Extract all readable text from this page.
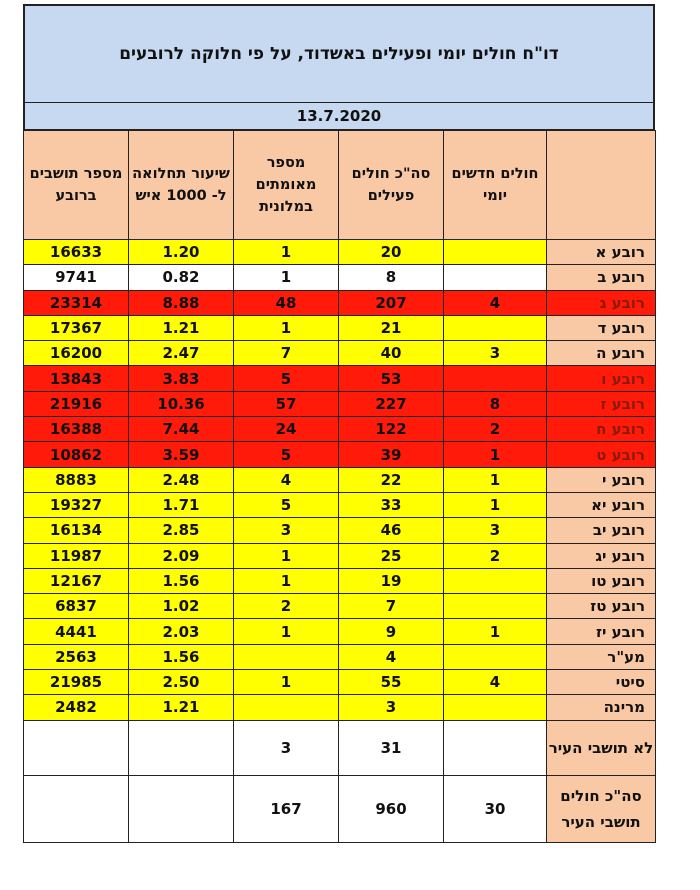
דו"ח חולים יומי ופעילים באשדוד, על פי חלוקה לרובעים
13.7.2020
מספר תושבים ברובע	שיעור תחלואה ל- 1000 איש	מספר מאומתים במלונית	סה"כ חולים פעילים	חולים חדשים יומי	
16633	1.20	1	20		רובע א
9741	0.82	1	8		רובע ב
23314	8.88	48	207	4	רובע ג
17367	1.21	1	21		רובע ד
16200	2.47	7	40	3	רובע ה
13843	3.83	5	53		רובע ו
21916	10.36	57	227	8	רובע ז
16388	7.44	24	122	2	רובע ח
10862	3.59	5	39	1	רובע ט
8883	2.48	4	22	1	רובע י
19327	1.71	5	33	1	רובע יא
16134	2.85	3	46	3	רובע יב
11987	2.09	1	25	2	רובע יג
12167	1.56	1	19		רובע טו
6837	1.02	2	7		רובע טז
4441	2.03	1	9	1	רובע יז
2563	1.56		4		מע"ר
21985	2.50	1	55	4	סיטי
2482	1.21		3		מרינה
		3	31		לא תושבי העיר
		167	960	30	סה"כ חולים תושבי העיר
